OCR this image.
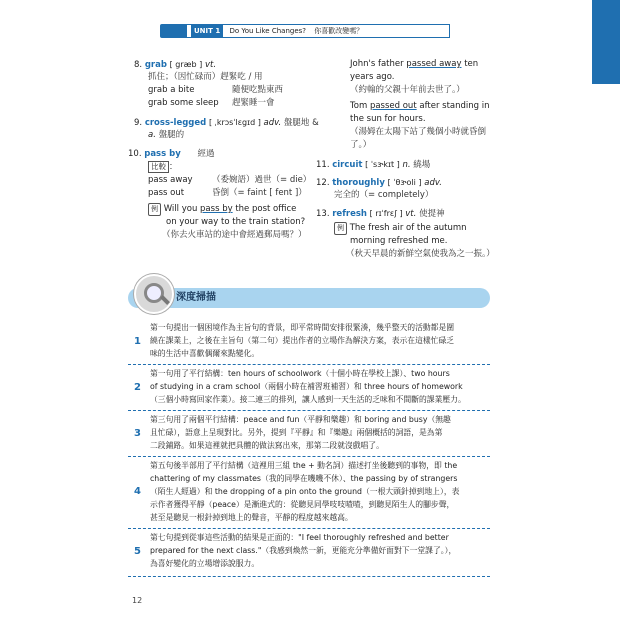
UNIT 1 Do You Like Changes? 你喜歡改變嗎？
8. grab [ græb ] vt.
抓住；（因忙碌而）趕緊吃 / 用
grab a bite	隨便吃點東西
grab some sleep 趕緊睡一會
9. cross-legged [ ˌkrɔsˈlɛgɪd ] adv. 盤腿地 &
a. 盤腿的
10. pass by 經過
比較 ：
pass away （委婉語）過世（= die）
pass out	昏倒（= faint [ fent ]）
例 Will you pass by the post office
on your way to the train station?
（你去火車站的途中會經過郵局嗎？）
John's father passed away ten
years ago.
（約翰的父親十年前去世了。）
Tom passed out after standing in
the sun for hours.
（湯姆在太陽下站了幾個小時就昏倒
了。）
11. circuit [ ˈsɝkɪt ] n. 繞場
12. thoroughly [ ˈθɝoli ] adv.
完全的（= completely）
13. refresh [ rɪˈfrɛʃ ] vt. 使提神
例 The fresh air of the autumn
morning refreshed me.
（秋天早晨的新鮮空氣使我為之一振。）
深度掃描
1

第一句提出一個困境作為主旨句的背景，即平常時間安排很緊湊，幾乎整天的活動都是圍

繞在課業上，之後在主旨句（第二句）提出作者的立場作為解決方案，表示在這樣忙碌乏

味的生活中喜歡偶爾來點變化。

2

第一句用了平行結構：ten hours of schoolwork（十個小時在學校上課）、two hours

of studying in a cram school（兩個小時在補習班補習）和 three hours of homework

（三個小時寫回家作業）。接二連三的排列，讓人感到一天生活的乏味和不間斷的課業壓力。

3

第三句用了兩個平行結構：peace and fun（平靜和樂趣）和 boring and busy（無趣

且忙碌），語意上呈現對比。另外，提到『平靜』和『樂趣』兩個概括的詞語，是為第

二段鋪路。如果這裡就把具體的做法寫出來，那第二段就沒戲唱了。

4

第五句後半部用了平行結構（這裡用三組 the + 動名詞）描述打坐後聽到的事物，即 the

chattering of my classmates（我的同學在嘰嘰不休）、the passing by of strangers

（陌生人經過）和 the dropping of a pin onto the ground（一根大頭針掉到地上），表

示作者獲得平靜（peace）是漸進式的：從聽見同學吱吱喳喳，到聽見陌生人的腳步聲，

甚至是聽見一根針掉到地上的聲音，平靜的程度越來越高。

5

第七句提到從事這些活動的結果是正面的："I feel thoroughly refreshed and better

prepared for the next class."（我感到煥然一新，更能充分準備好面對下一堂課了。），

為喜好變化的立場增添說服力。

12
